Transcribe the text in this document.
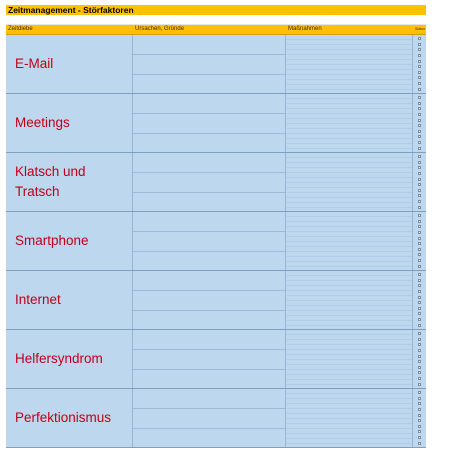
Zeitmanagement - Störfaktoren
Zeitdiebe	Ursachen, Gründe	Maßnahmen	Status
E-Mail
Meetings
Klatsch und Tratsch
Smartphone
Internet
Helfersyndrom
Perfektionismus
